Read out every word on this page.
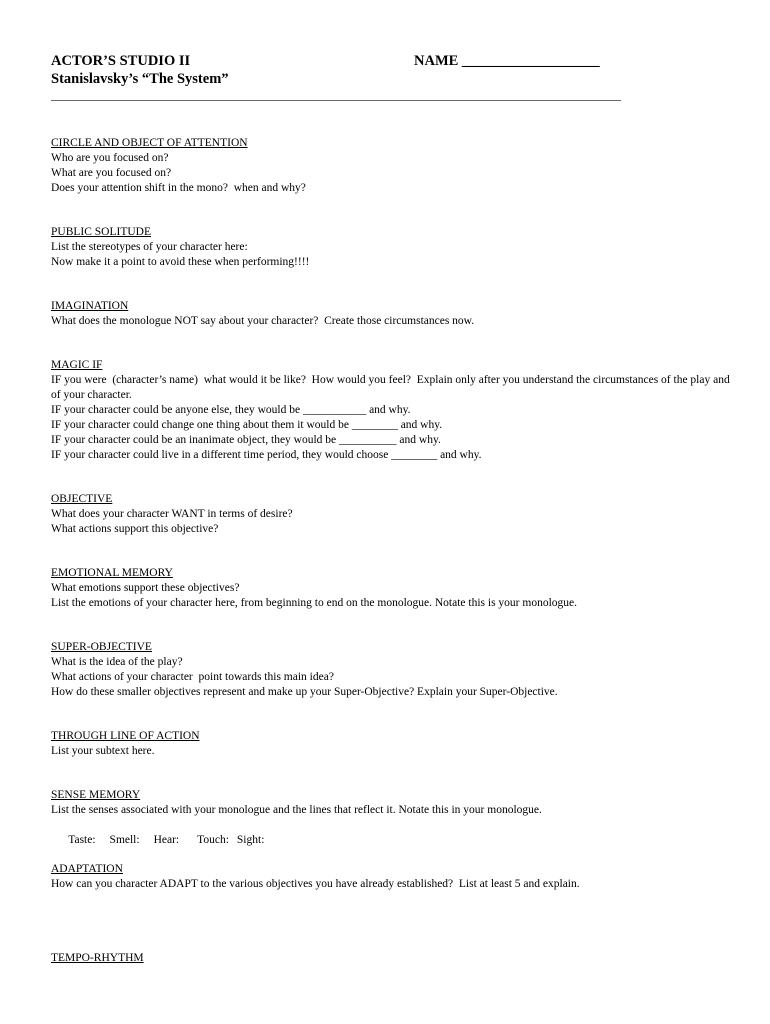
ACTOR’S STUDIO II	NAME ___________________
Stanislavsky’s “The System”
_______________________________________________________________________________________________
CIRCLE AND OBJECT OF ATTENTION
Who are you focused on?
What are you focused on?
Does your attention shift in the mono?  when and why?
PUBLIC SOLITUDE
List the stereotypes of your character here:
Now make it a point to avoid these when performing!!!!
IMAGINATION
What does the monologue NOT say about your character?  Create those circumstances now.
MAGIC IF
IF you were  (character’s name)  what would it be like?  How would you feel?  Explain only after you understand the circumstances of the play and of your character.
IF your character could be anyone else, they would be ___________ and why.
IF your character could change one thing about them it would be ________ and why.
IF your character could be an inanimate object, they would be __________ and why.
IF your character could live in a different time period, they would choose ________ and why.
OBJECTIVE
What does your character WANT in terms of desire?
What actions support this objective?
EMOTIONAL MEMORY
What emotions support these objectives?
List the emotions of your character here, from beginning to end on the monologue. Notate this is your monologue.
SUPER-OBJECTIVE
What is the idea of the play?
What actions of your character  point towards this main idea?
How do these smaller objectives represent and make up your Super-Objective? Explain your Super-Objective.
THROUGH LINE OF ACTION
List your subtext here.
SENSE MEMORY
List the senses associated with your monologue and the lines that reflect it. Notate this in your monologue.

Taste: Smell: Hear: Touch: Sight:

ADAPTATION
How can you character ADAPT to the various objectives you have already established?  List at least 5 and explain.
TEMPO-RHYTHM
